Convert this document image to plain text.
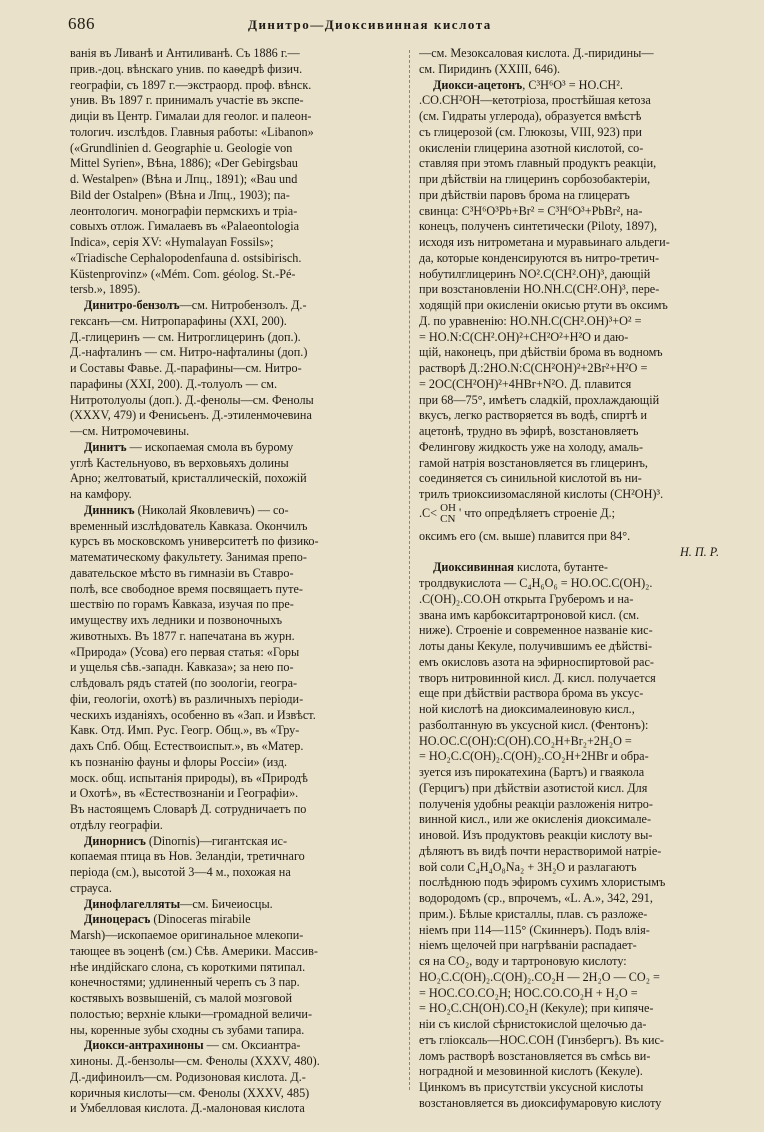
686	Динитро—Диоксивинная кислота
ванія въ Ливанѣ и Антиливанѣ. Съ 1886 г.—
прив.-доц. вѣнскаго унив. по каѳедрѣ физич.
географіи, съ 1897 г.—экстраорд. проф. вѣнск.
унив. Въ 1897 г. принималъ участіе въ экспе-
диціи въ Центр. Гималаи для геолог. и палеон-
тологич. изслѣдов. Главныя работы: «Libanon»
(«Grundlinien d. Geographie u. Geologie von
Mittel Syrien», Вѣна, 1886); «Der Gebirgsbau
d. Westalpen» (Вѣна и Лпц., 1891); «Bau und
Bild der Ostalpen» (Вѣна и Лпц., 1903); па-
леонтологич. монографіи пермскихъ и тріа-
совыхъ отлож. Гималаевъ въ «Palaeontologia
Indica», серія XV: «Hymalayan Fossils»;
«Triadische Cephalopodenfauna d. ostsibirisch.
Küstenprovinz» («Mém. Com. géolog. St.-Pé-
tersb.», 1895).
Динитро-бензолъ—см. Нитробензолъ. Д.-
гексанъ—см. Нитропарафины (XXI, 200).
Д.-глицеринъ — см. Нитроглицеринъ (доп.).
Д.-нафталинъ — см. Нитро-нафталины (доп.)
и Составы Фавье. Д.-парафины—см. Нитро-
парафины (XXI, 200). Д.-толуолъ — см.
Нитротолуолы (доп.). Д.-фенолы—см. Фенолы
(XXXV, 479) и Фениcьенъ. Д.-этиленмочевина
—см. Нитромочевины.
Динитъ — ископаемая смола въ бурому
углѣ Кастельнуово, въ верховьяхъ долины
Арно; желтоватый, кристаллическій, похожій
на камфору.
Динникъ (Николай Яковлевичъ) — со-
временный изслѣдователь Кавказа. Окончилъ
курсъ въ московскомъ университетѣ по физико-
математическому факультету. Занимая препо-
давательское мѣсто въ гимназіи въ Ставро-
полѣ, все свободное время посвящаетъ путе-
шествію по горамъ Кавказа, изучая по пре-
имуществу ихъ ледники и позвоночныхъ
животныхъ. Въ 1877 г. напечатана въ журн.
«Природа» (Усова) его первая статья: «Горы
и ущелья сѣв.-западн. Кавказа»; за нею по-
слѣдовалъ рядъ статей (по зоологіи, геогра-
фіи, геологіи, охотѣ) въ различныхъ періоди-
ческихъ изданіяхъ, особенно въ «Зап. и Извѣст.
Кавк. Отд. Имп. Рус. Геогр. Общ.», въ «Тру-
дахъ Спб. Общ. Естествоиспыт.», въ «Матер.
къ познанію фауны и флоры Россіи» (изд.
моск. общ. испытанія природы), въ «Природѣ
и Охотѣ», въ «Естествознаніи и Географіи».
Въ настоящемъ Словарѣ Д. сотрудничаетъ по
отдѣлу географіи.
Динорнисъ (Dinornis)—гигантская ис-
копаемая птица въ Нов. Зеландіи, третичнаго
періода (см.), высотой 3—4 м., похожая на
страуса.
Динофлагелляты—см. Бичеиосцы.
Диноцерасъ (Dinoceras mirabile
Marsh)—ископаемое оригинальное млекопи-
тающее въ эоценѣ (см.) Сѣв. Америки. Массив-
нѣе индійскаго слона, съ короткими пятипал.
конечностями; удлиненный черепъ съ 3 пар.
костявыхъ возвышеній, съ малой мозговой
полостью; верхніе клыки—громадной величи-
ны, коренные зубы сходны съ зубами тапира.
Диокси-антрахиноны — см. Оксиантра-
хиноны. Д.-бензолы—см. Фенолы (XXXV, 480).
Д.-дифиноилъ—см. Родизоновая кислота. Д.-
коричныя кислоты—см. Фенолы (XXXV, 485)
и Умбелловая кислота. Д.-малоновая кислота
—см. Мезоксаловая кислота. Д.-пиридины—
см. Пиридинъ (XXIII, 646).
Диокси-ацетонъ, C³H⁶O³ = HO.CH².
.CO.CH²OH—кетотріоза, простѣйшая кетоза
(см. Гидраты углерода), образуется вмѣстѣ
съ глицерозой (см. Глюкозы, VIII, 923) при
окисленіи глицерина азотной кислотой, со-
ставляя при этомъ главный продуктъ реакціи,
при дѣйствіи на глицеринъ сорбозобактеріи,
при дѣйствіи паровъ брома на глицератъ
свинца: C³H⁶O³Pb+Br² = C³H⁶O³+PbBr², на-
конецъ, полученъ синтетически (Piloty, 1897),
исходя изъ нитрометана и муравьинаго альдеги-
да, которые конденсируются въ нитро-третич-
нобутилглицеринъ NO².C(CH².OH)³, дающій
при возстановленіи HO.NH.C(CH².OH)³, пере-
ходящій при окисленіи окисью ртути въ оксимъ
Д. по уравненію: HO.NH.C(CH².OH)³+O² =
= HO.N:C(CH².OH)²+CH²O²+H²O и даю-
щій, наконецъ, при дѣйствіи брома въ водномъ
растворѣ Д.:2HO.N:C(CH²OH)²+2Br²+H²O =
= 2OC(CH²OH)²+4HBr+N²O. Д. плавится
при 68—75°, имѣетъ сладкій, прохлаждающій
вкусъ, легко растворяется въ водѣ, спиртѣ и
ацетонѣ, трудно въ эфирѣ, возстановляетъ
Фелингову жидкость уже на холоду, амаль-
гамой натрія возстановляется въ глицеринъ,
соединяется съ синильной кислотой въ ни-
трилъ триоксиизомасляной кислоты (CH²OH)³.
.C< OH
CN ' что опредѣляетъ строеніе Д.;
оксимъ его (см. выше) плавится при 84°.
Н. П. Р.
Диоксивинная кислота, бутанте-
тролдвукислота — C₄H₆O₆ = HO.OC.C(OH)₂.
.C(OH)₂.CO.OH открыта Груберомъ и на-
звана имъ карбокситартроновой кисл. (см.
ниже). Строеніе и современное названіе кис-
лоты даны Кекуле, получившимъ ее дѣйстві-
емъ окисловъ азота на эфирноспиртовой рас-
творъ нитровинной кисл. Д. кисл. получается
еще при дѣйствіи раствора брома въ уксус-
ной кислотѣ на диоксималеиновую кисл.,
разболтанную въ уксусной кисл. (Фентонъ):
HO.OC.C(OH):C(OH).CO₂H+Br₂+2H₂O =
= HO₂C.C(OH)₂.C(OH)₂.CO₂H+2HBr и обра-
зуется изъ пирокатехина (Бартъ) и гваякола
(Герцигъ) при дѣйствіи азотистой кисл. Для
полученія удобны реакціи разложенія нитро-
винной кисл., или же окисленія диоксимале-
иновой. Изъ продуктовъ реакціи кислоту вы-
дѣляютъ въ видѣ почти нерастворимой натріе-
вой соли C₄H₄O₈Na₂ + 3H₂O и разлагаютъ
послѣднюю подъ эфиромъ сухимъ хлористымъ
водородомъ (ср., впрочемъ, «L. A.», 342, 291,
прим.). Бѣлые кристаллы, плав. съ разложе-
ніемъ при 114—115° (Скиннеръ). Подъ влія-
ніемъ щелочей при нагрѣваніи распадает-
ся на CO₂, воду и тартроновую кислоту:
HO₂C.C(OH)₂.C(OH)₂.CO₂H — 2H₂O — CO₂ =
= HOC.CO.CO₂H; HOC.CO.CO₂H + H₂O =
= HO₂C.CH(OH).CO₂H (Кекуле); при кипяче-
ніи съ кислой сѣрнистокислой щелочью да-
етъ гліоксаль—HOC.COH (Гинзбергъ). Въ кис-
ломъ растворѣ возстановляется въ смѣсь ви-
ноградной и мезовинной кислотъ (Кекуле).
Цинкомъ въ присутствіи уксусной кислоты
возстановляется въ диоксифумаровую кислоту
